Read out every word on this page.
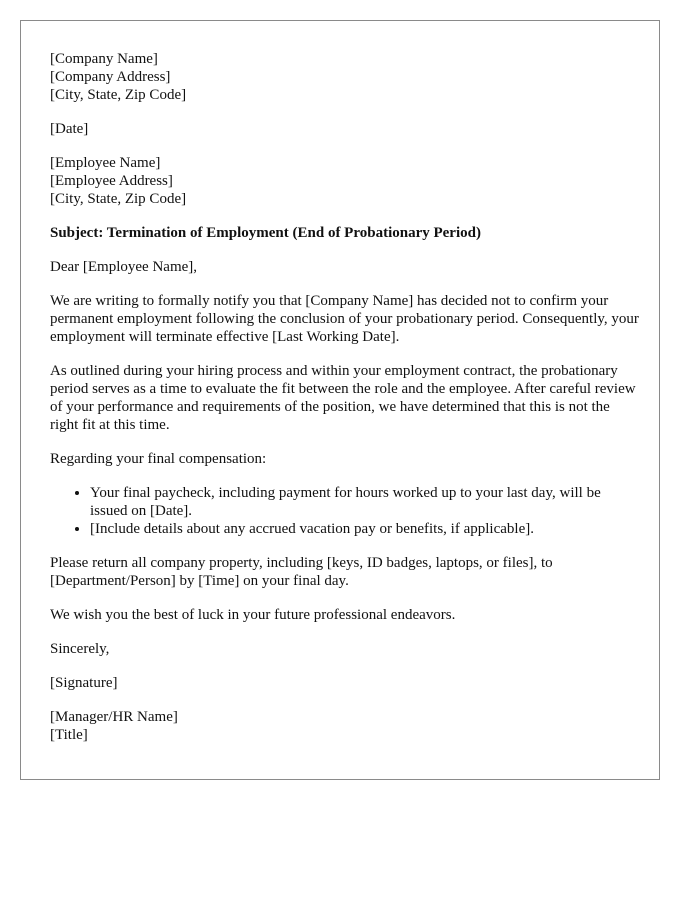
[Company Name]
[Company Address]
[City, State, Zip Code]
[Date]
[Employee Name]
[Employee Address]
[City, State, Zip Code]
Subject: Termination of Employment (End of Probationary Period)

Dear [Employee Name],

We are writing to formally notify you that [Company Name] has decided not to confirm your permanent employment following the conclusion of your probationary period. Consequently, your employment will terminate effective [Last Working Date].

As outlined during your hiring process and within your employment contract, the probationary period serves as a time to evaluate the fit between the role and the employee. After careful review of your performance and requirements of the position, we have determined that this is not the right fit at this time.

Regarding your final compensation:

• Your final paycheck, including payment for hours worked up to your last day, will be issued on [Date].
• [Include details about any accrued vacation pay or benefits, if applicable].

Please return all company property, including [keys, ID badges, laptops, or files], to [Department/Person] by [Time] on your final day.

We wish you the best of luck in your future professional endeavors.

Sincerely,

[Signature]

[Manager/HR Name]
[Title]
